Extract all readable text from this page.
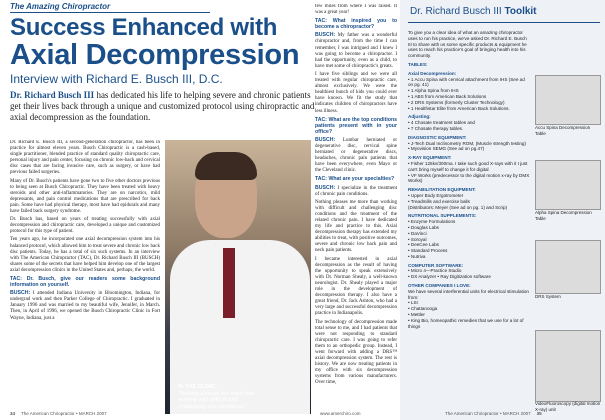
The Amazing Chiropractor
Success Enhanced with
Axial Decompression
Interview with Richard E. Busch III, D.C.
Dr. Richard Busch III has dedicated his life to helping severe and chronic patients get their lives back through a unique and customized protocol using chiropractic and axial decompression as the foundation.

Dr. Richard E. Busch III, a second-generation chiropractor, has been in practice for almost eleven years. Busch Chiropractic is a cash-based, single practitioner, blended practice of standard quality chiropractic care, personal injury and pain center, focusing on chronic low-back and cervical disc cases that are facing invasive care, such as surgery, or have had previous failed surgeries.

Many of Dr. Busch's patients have gone two to five other doctors previous to being seen at Busch Chiropractic. They have been treated with heavy steroids and other anti-inflammatories. They are on narcotics, mild depressants, and pain control medications that are prescribed for back pain. Some have had physical therapy, most have had epidurals and many have failed back surgery syndrome.

Dr. Busch has, based on years of treating successfully with axial decompression and chiropractic care, developed a unique and customized protocol for this type of patient.

Ten years ago, he incorporated one axial decompression system into his balanced protocol, which allowed him to treat severe and chronic low back disc patients. Today, he has a total of six such systems. In an interview with The American Chiropractor (TAC), Dr. Richard Busch III (BUSCH) shares some of the secrets that have helped him develop one of the largest axial decompression clinics in the United States and, perhaps, the world.

TAC: Dr. Busch, give our readers some background information on yourself.

BUSCH: I attended Indiana University in Bloomington, Indiana, for undergrad work and then Parker College of Chiropractic. I graduated in January 1996 and was married to my beautiful wife, Jennifer, in March. Then, in April of 1996, we opened the Busch Chiropractic Clinic in Fort Wayne, Indiana, just a

IN THE CLINIC.
"Nothing pleases me more than working with difficult and challenging disc conditions."

few miles from where I was raised. It was a great year!

TAC: What inspired you to become a chiropractor?

BUSCH: My father was a wonderful chiropractor and, from the time I can remember, I was intrigued and I knew I was going to become a chiropractor. I had the opportunity, even as a child, to have met some of chiropractic's greats.

I have five siblings and we were all treated with regular chiropractic care, almost exclusively. We were the healthiest bunch of kids you could ever have known. We fit the study that indicates children of chiropractors have less illness.

TAC: What are the top conditions patients present with in your office?

BUSCH: Lumbar herniated or degenerative disc, cervical spine herniated or degenerative discs, headaches, chronic pain patients that have been everywhere, even Mayo or the Cleveland clinic.

TAC: What are your specialties?

BUSCH: I specialize in the treatment of chronic pain conditions.

Nothing pleases me more than working with difficult and challenging disc conditions and the treatment of the related chronic pain. I have dedicated my life and practice to this. Axial decompression therapy has extended my abilities to treat, with positive outcomes, severe and chronic low back pain and neck pain patients.

I became interested in axial decompression as the result of having the opportunity to speak extensively with Dr. Norman Shealy, a well-known neurologist. Dr. Shealy played a major role in the development of decompression therapy. I also have a great friend, Dr. Jack Ashton, who had a very large and successful decompression practice in Indianapolis.

The technology of decompression made total sense to me, and I had patients that were not responding to standard chiropractic care. I was going to refer them to an orthopedic group. Instead, I went forward with adding a DRS™ axial decompression system. The rest is history. We are now treating patients in my office with six decompression systems from various manufacturers. Over time,

34 The American Chiropractor • MARCH 2007	www.amerchiro.com	The American Chiropractor • MARCH 2007 35
Dr. Richard Busch III Toolkit
To give you a clear idea of what an amazing chiropractor uses to run his practice, we've asked Dr. Richard E. Busch III to share with us some specific products & equipment he uses to reach his practice's goal of bringing health into his community.
TABLES:
Axial Decompression:
• 1 Accu Spina with cervical attachment from IHS (See ad on pg. 41)
• 1 Alpha Spina from IHS
• 1 ABS from American Back Solutions
• 2 DRS Systems (formerly Cluster Technology)
• 1 Healthstar Elite from American Back Solutions.
Adjusting:
• 4 Chosate treatment tables and
• 7 Chosate therapy tables.
DIAGNOSTIC EQUIPMENT:
• J-Tech Dual Inclinometry ROM, (Muscle strength testing)
• Myovision SEMG (See ad on pg.47)
X-RAY EQUIPMENT:
• Fisher 125kv/300ma. I take such good X-rays with it I just can't bring myself to change it for digital
• VF Works (predecessor to the digital motion x-ray by DMX Works)
REHABILITATION EQUIPMENT:
• Upper Body Ergotrometer
• Treadmills and exercise balls
(Distributors: Meyer (See ad on pg. 1) and Scrip)
NUTRITIONAL SUPPLEMENTS:
• Enzyme Formulations
• Douglas Labs
• DaVinci
• Soroyal
• DeeCee Labs
• Standard Process
• Nutriva
COMPUTER SOFTWARE:
• Micro 4—Practice Studio
• DX Analyzer • Ray Digitization software
OTHER COMPANIES I LOVE:
We have several interferential units for electrical stimulation from:
• LSI
• Chattanooga
• Mettler
• King Bio, homeopathic remedies that we use for a lot of things
Accu Spina Decompression Table
Alpha Spina Decompression Table
DRS System
VideoFluoroscopy (digital motion X-ray) unit
